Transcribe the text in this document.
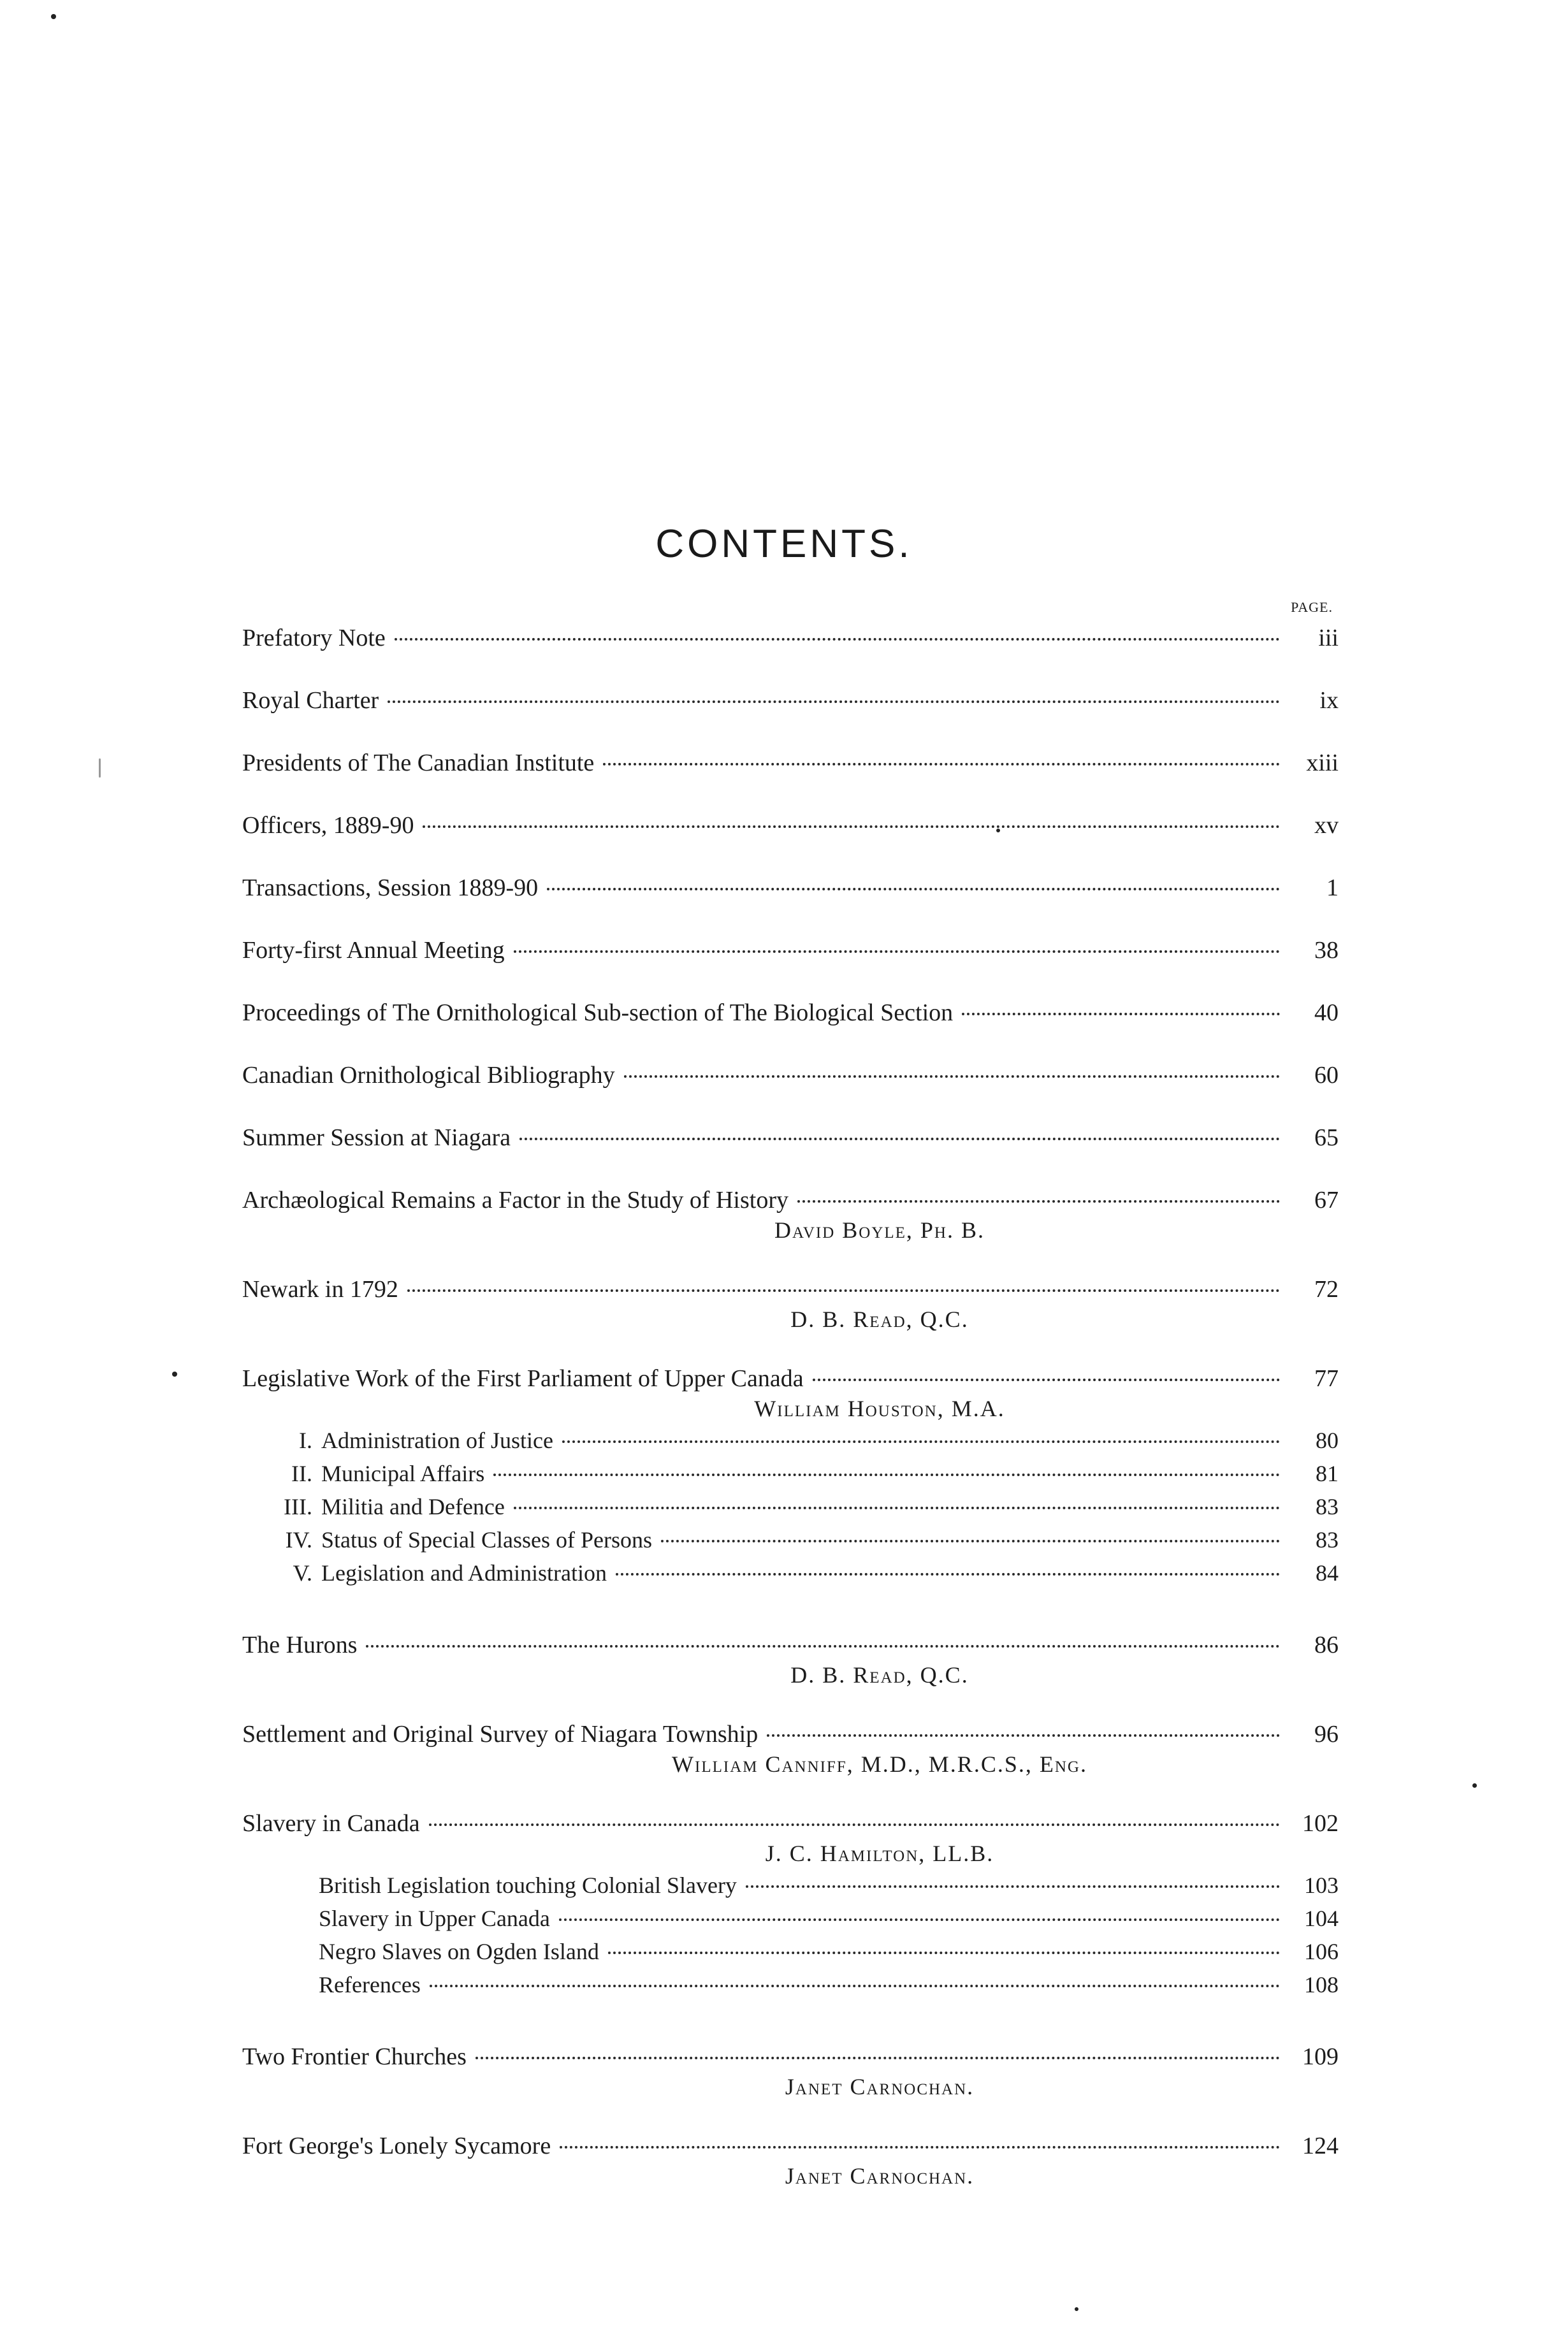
CONTENTS.
PAGE.
Prefatory Note	iii
Royal Charter	ix
Presidents of The Canadian Institute	xiii
Officers, 1889-90	xv
Transactions, Session 1889-90	1
Forty-first Annual Meeting	38
Proceedings of The Ornithological Sub-section of The Biological Section	40
Canadian Ornithological Bibliography	60
Summer Session at Niagara	65
Archæological Remains a Factor in the Study of History	67
David Boyle, Ph. B.
Newark in 1792	72
D. B. Read, Q.C.
Legislative Work of the First Parliament of Upper Canada	77
William Houston, M.A.
I. Administration of Justice	80
II. Municipal Affairs	81
III. Militia and Defence	83
IV. Status of Special Classes of Persons	83
V. Legislation and Administration	84
The Hurons	86
D. B. Read, Q.C.
Settlement and Original Survey of Niagara Township	96
William Canniff, M.D., M.R.C.S., Eng.
Slavery in Canada	102
J. C. Hamilton, LL.B.
British Legislation touching Colonial Slavery	103
Slavery in Upper Canada	104
Negro Slaves on Ogden Island	106
References	108
Two Frontier Churches	109
Janet Carnochan.
Fort George's Lonely Sycamore	124
Janet Carnochan.
